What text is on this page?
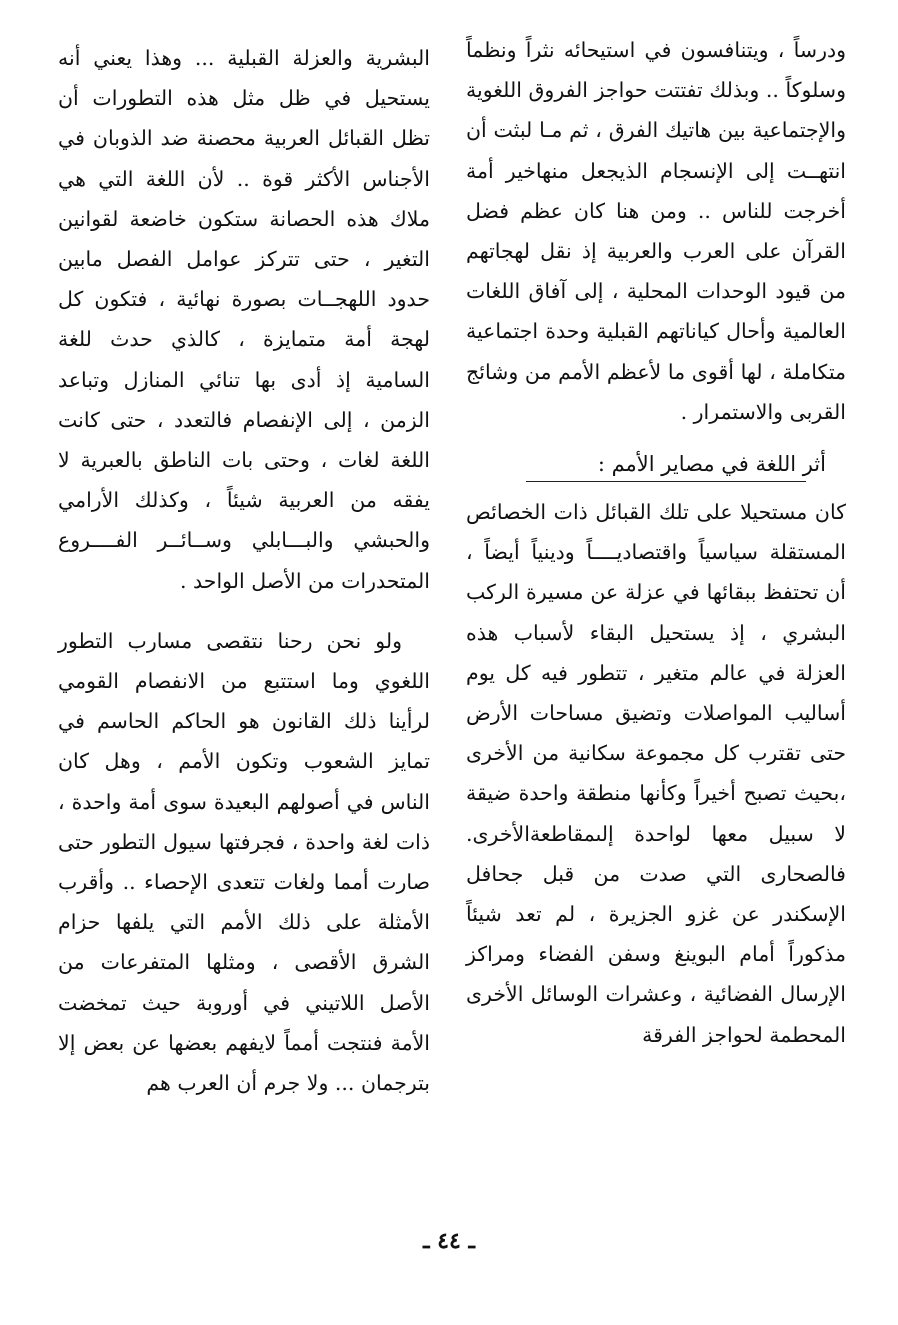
ودرساً ، ويتنافسون في استيحائه نثراً ونظماً وسلوكاً .. وبذلك تفتتت حواجز الفروق اللغوية والإجتماعية بين هاتيك الفرق ، ثم مـا لبثت أن انتهــت إلى الإنسجام الذيجعل منهاخير أمة أخرجت للناس .. ومن هنا كان عظم فضل القرآن على العرب والعربية إذ نقل لهجاتهم من قيود الوحدات المحلية ، إلى آفاق اللغات العالمية وأحال كياناتهم القبلية وحدة اجتماعية متكاملة ، لها أقوى ما لأعظم الأمم من وشائج القربى والاستمرار .

أثر اللغة في مصاير الأمم :

كان مستحيلا على تلك القبائل ذات الخصائص المستقلة سياسياً واقتصاديــــاً ودينياً أيضاً ، أن تحتفظ ببقائها في عزلة عن مسيرة الركب البشري ، إذ يستحيل البقاء لأسباب هذه العزلة في عالم متغير ، تتطور فيه كل يوم أساليب المواصلات وتضيق مساحات الأرض حتى تقترب كل مجموعة سكانية من الأخرى ،بحيث تصبح أخيراً وكأنها منطقة واحدة ضيقة لا سبيل معها لواحدة إلىمقاطعةالأخرى. فالصحارى التي صدت من قبل جحافل الإسكندر عن غزو الجزيرة ، لم تعد شيئاً مذكوراً أمام البوينغ وسفن الفضاء ومراكز الإرسال الفضائية ، وعشرات الوسائل الأخرى المحطمة لحواجز الفرقة

البشرية والعزلة القبلية ... وهذا يعني أنه يستحيل في ظل مثل هذه التطورات أن تظل القبائل العربية محصنة ضد الذوبان في الأجناس الأكثر قوة .. لأن اللغة التي هي ملاك هذه الحصانة ستكون خاضعة لقوانين التغير ، حتى تتركز عوامل الفصل مابين حدود اللهجــات بصورة نهائية ، فتكون كل لهجة أمة متمايزة ، كالذي حدث للغة السامية إذ أدى بها تنائي المنازل وتباعد الزمن ، إلى الإنفصام فالتعدد ، حتى كانت اللغة لغات ، وحتى بات الناطق بالعبرية لا يفقه من العربية شيئاً ، وكذلك الأرامي والحبشي والبـــابلي وســائــر الفــــروع المتحدرات من الأصل الواحد .

ولو نحن رحنا نتقصى مسارب التطور اللغوي وما استتبع من الانفصام القومي لرأينا ذلك القانون هو الحاكم الحاسم في تمايز الشعوب وتكون الأمم ، وهل كان الناس في أصولهم البعيدة سوى أمة واحدة ، ذات لغة واحدة ، فجرفتها سيول التطور حتى صارت أمما ولغات تتعدى الإحصاء .. وأقرب الأمثلة على ذلك الأمم التي يلفها حزام الشرق الأقصى ، ومثلها المتفرعات من الأصل اللاتيني في أوروبة حيث تمخضت الأمة فنتجت أمماً لايفهم بعضها عن بعض إلا بترجمان ... ولا جرم أن العرب هم

ـ ٤٤ ـ
